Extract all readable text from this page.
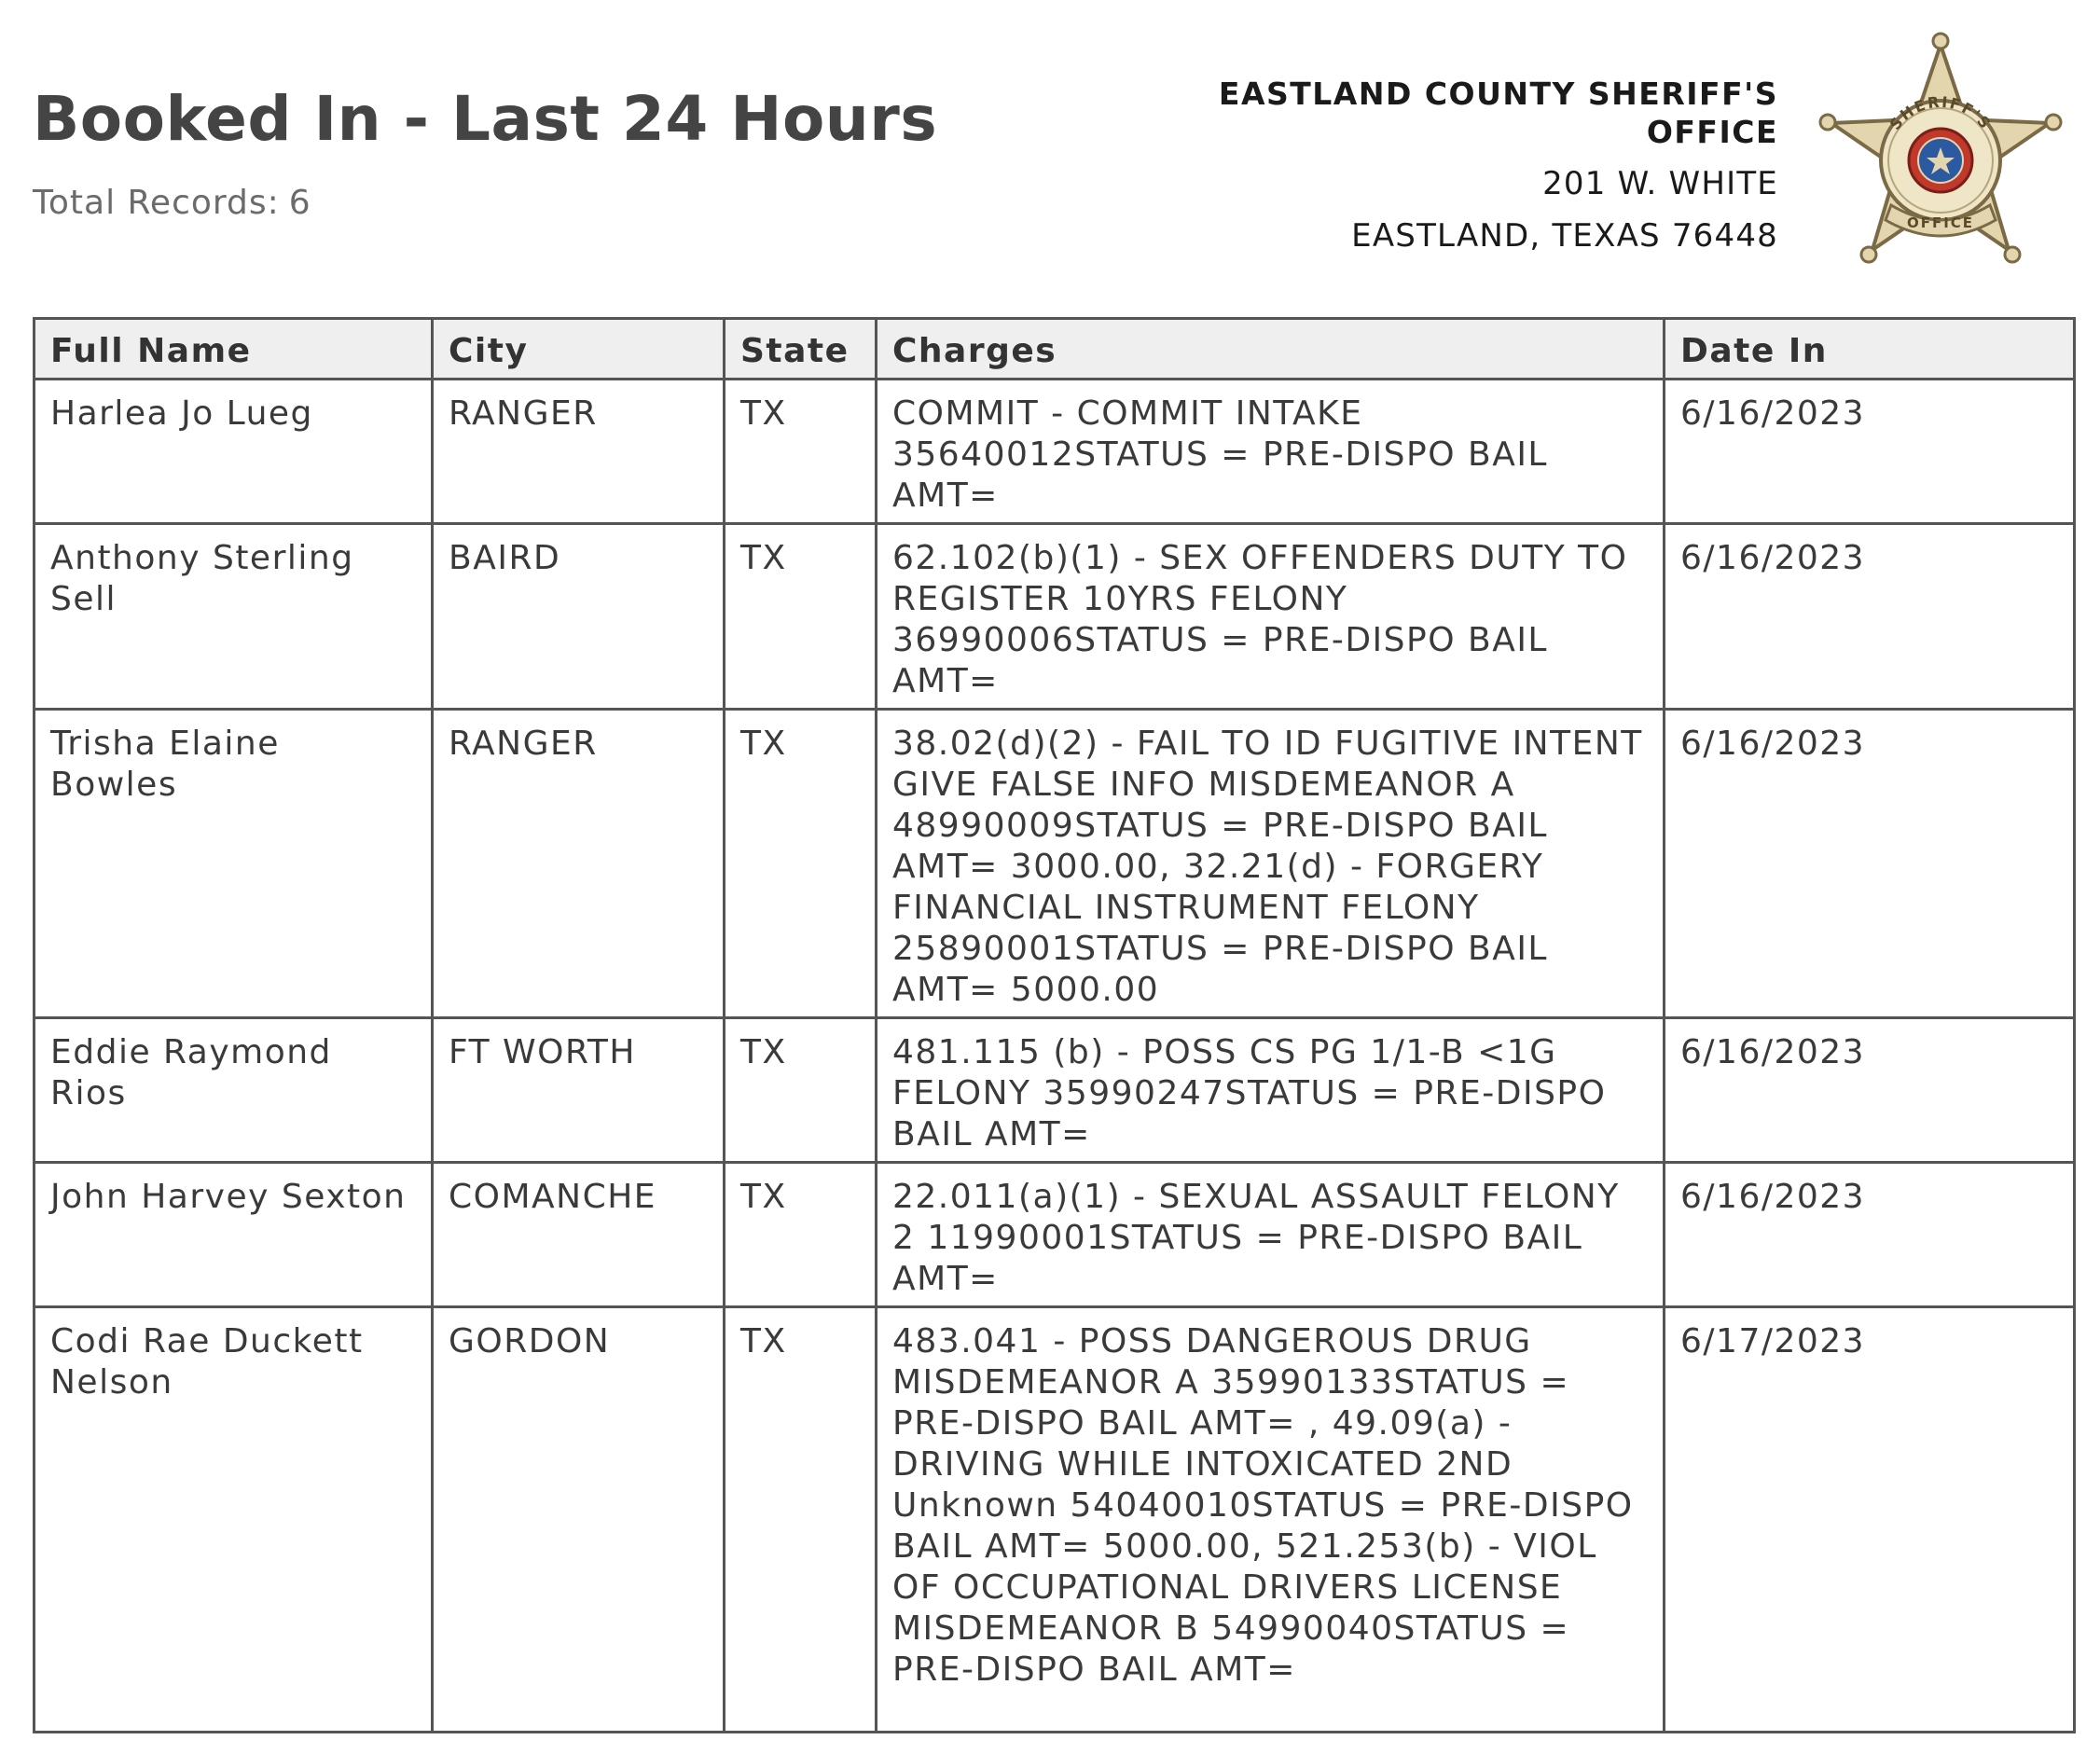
Booked In - Last 24 Hours
Total Records: 6
EASTLAND COUNTY SHERIFF'S OFFICE
201 W. WHITE
EASTLAND, TEXAS 76448
SHERIFF'S
OFFICE
Full Name	City	State	Charges	Date In
Harlea Jo Lueg	RANGER	TX	COMMIT - COMMIT INTAKE 35640012STATUS = PRE-DISPO BAIL AMT=	6/16/2023
Anthony Sterling Sell	BAIRD	TX	62.102(b)(1) - SEX OFFENDERS DUTY TO REGISTER 10YRS FELONY 36990006STATUS = PRE-DISPO BAIL AMT=	6/16/2023
Trisha Elaine Bowles	RANGER	TX	38.02(d)(2) - FAIL TO ID FUGITIVE INTENT GIVE FALSE INFO MISDEMEANOR A 48990009STATUS = PRE-DISPO BAIL AMT= 3000.00, 32.21(d) - FORGERY FINANCIAL INSTRUMENT FELONY 25890001STATUS = PRE-DISPO BAIL AMT= 5000.00	6/16/2023
Eddie Raymond Rios	FT WORTH	TX	481.115 (b) - POSS CS PG 1/1-B <1G FELONY 35990247STATUS = PRE-DISPO BAIL AMT=	6/16/2023
John Harvey Sexton	COMANCHE	TX	22.011(a)(1) - SEXUAL ASSAULT FELONY 2 11990001STATUS = PRE-DISPO BAIL AMT=	6/16/2023
Codi Rae Duckett Nelson	GORDON	TX	483.041 - POSS DANGEROUS DRUG MISDEMEANOR A 35990133STATUS = PRE-DISPO BAIL AMT= , 49.09(a) - DRIVING WHILE INTOXICATED 2ND Unknown 54040010STATUS = PRE-DISPO BAIL AMT= 5000.00, 521.253(b) - VIOL OF OCCUPATIONAL DRIVERS LICENSE MISDEMEANOR B 54990040STATUS = PRE-DISPO BAIL AMT=	6/17/2023
